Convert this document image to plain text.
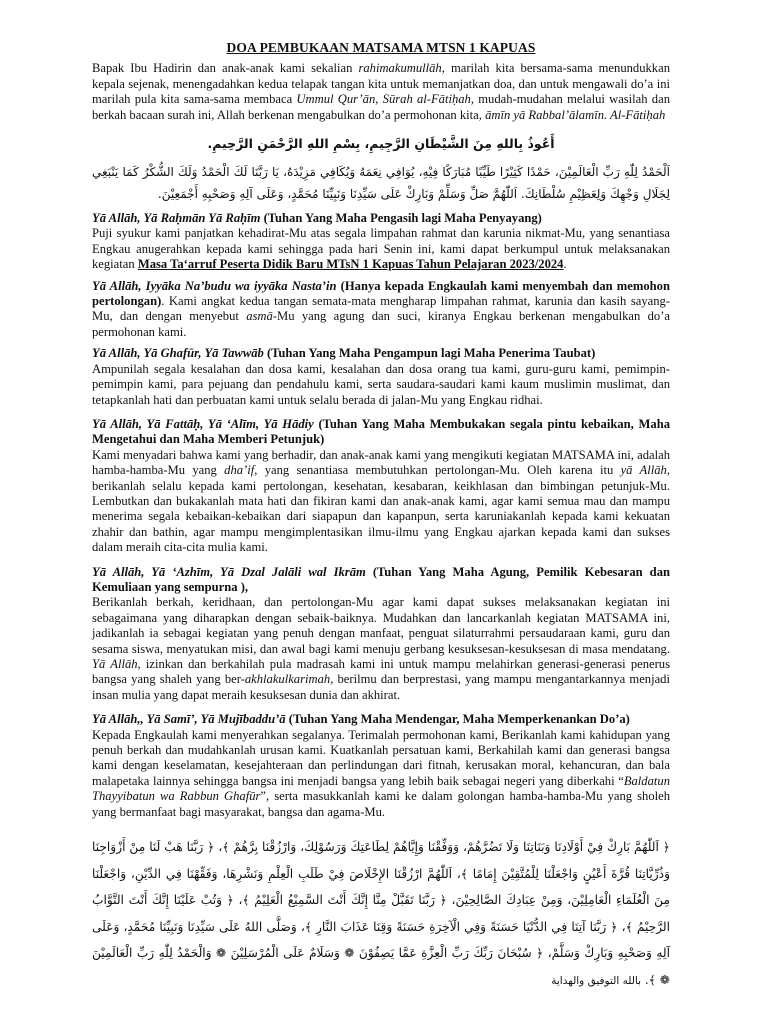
DOA PEMBUKAAN MATSAMA MTSN 1 KAPUAS

Bapak Ibu Hadirin dan anak-anak kami sekalian rahimakumullāh, marilah kita bersama-sama menundukkan kepala sejenak, menengadahkan kedua telapak tangan kita untuk memanjatkan doa, dan untuk mengawali do’a ini marilah pula kita sama-sama membaca Ummul Qur’ān, Sūrah al-Fātiḥah, mudah-mudahan melalui wasilah dan berkah bacaan surah ini, Allah berkenan mengabulkan do’a permohonan kita, āmīn yā Rabbal’ālamīn. Al-Fātiḥah

أَعُوذُ بِاللهِ مِنَ الشَّيْطَانِ الرَّجِيمِ، بِسْمِ اللهِ الرَّحْمَنِ الرَّحِيمِ.
اَلْحَمْدُ لِلّٰهِ رَبِّ الْعَالَمِيْنَ، حَمْدًا كَثِيْرًا طَيِّبًا مُبَارَكًا فِيْهِ، يُوَافِي نِعَمَهُ وَيُكَافِي مَزِيْدَهُ، يَا رَبَّنَا لَكَ الْحَمْدُ وَلَكَ الشُّكْرُ كَمَا يَنْبَغِي لِجَلَالِ وَجْهِكَ وَلِعَظِيْمِ سُلْطَانِكَ. اَللّٰهُمَّ صَلِّ وَسَلِّمْ وَبَارِكْ عَلَى سَيِّدِنَا وَنَبِيِّنَا مُحَمَّدٍ، وَعَلَى آلِهِ وَصَحْبِهِ أَجْمَعِيْنَ.
Yā Allāh, Yā Raḥmān Yā Raḥīm (Tuhan Yang Maha Pengasih lagi Maha Penyayang)

Puji syukur kami panjatkan kehadirat-Mu atas segala limpahan rahmat dan karunia nikmat-Mu, yang senantiasa Engkau anugerahkan kepada kami sehingga pada hari Senin ini, kami dapat berkumpul untuk melaksanakan kegiatan Masa Ta‘arruf Peserta Didik Baru MTsN 1 Kapuas Tahun Pelajaran 2023/2024.

Yā Allāh, Iyyāka Na’budu wa iyyāka Nasta’in (Hanya kepada Engkaulah kami menyembah dan memohon pertolongan). Kami angkat kedua tangan semata-mata mengharap limpahan rahmat, karunia dan kasih sayang-Mu, dan dengan menyebut asmā-Mu yang agung dan suci, kiranya Engkau berkenan mengabulkan do’a permohonan kami.

Yā Allāh, Yā Ghafūr, Yā Tawwāb (Tuhan Yang Maha Pengampun lagi Maha Penerima Taubat)

Ampunilah segala kesalahan dan dosa kami, kesalahan dan dosa orang tua kami, guru-guru kami, pemimpin-pemimpin kami, para pejuang dan pendahulu kami, serta saudara-saudari kami kaum muslimin muslimat, dan tetapkanlah hati dan perbuatan kami untuk selalu berada di jalan-Mu yang Engkau ridhai.

Yā Allāh, Yā Fattāḥ, Yā ‘Alīm, Yā Hādiy (Tuhan Yang Maha Membukakan segala pintu kebaikan, Maha Mengetahui dan Maha Memberi Petunjuk)

Kami menyadari bahwa kami yang berhadir, dan anak-anak kami yang mengikuti kegiatan MATSAMA ini, adalah hamba-hamba-Mu yang dha’if, yang senantiasa membutuhkan pertolongan-Mu. Oleh karena itu yā Allāh, berikanlah selalu kepada kami pertolongan, kesehatan, kesabaran, keikhlasan dan bimbingan petunjuk-Mu. Lembutkan dan bukakanlah mata hati dan fikiran kami dan anak-anak kami, agar kami semua mau dan mampu menerima segala kebaikan-kebaikan dari siapapun dan kapanpun, serta karuniakanlah kepada kami kekuatan zhahir dan bathin, agar mampu mengimplentasikan ilmu-ilmu yang Engkau ajarkan kepada kami dan sukses dalam meraih cita-cita mulia kami.

Yā Allāh, Yā ‘Azhīm, Yā Dzal Jalāli wal Ikrām (Tuhan Yang Maha Agung, Pemilik Kebesaran dan Kemuliaan yang sempurna ),

Berikanlah berkah, keridhaan, dan pertolongan-Mu agar kami dapat sukses melaksanakan kegiatan ini sebagaimana yang diharapkan dengan sebaik-baiknya. Mudahkan dan lancarkanlah kegiatan MATSAMA ini, jadikanlah ia sebagai kegiatan yang penuh dengan manfaat, penguat silaturrahmi persaudaraan kami, guru dan sesama siswa, menyatukan misi, dan awal bagi kami menuju gerbang kesuksesan-kesuksesan di masa mendatang. Yā Allāh, izinkan dan berkahilah pula madrasah kami ini untuk mampu melahirkan generasi-generasi penerus bangsa yang shaleh yang ber-akhlakulkarimah, berilmu dan berprestasi, yang mampu mengantarkannya menjadi insan mulia yang dapat meraih kesuksesan dunia dan akhirat.

Yā Allāh,, Yā Samī’, Yā Mujībaddu’ā (Tuhan Yang Maha Mendengar, Maha Memperkenankan Do’a)

Kepada Engkaulah kami menyerahkan segalanya. Terimalah permohonan kami, Berikanlah kami kahidupan yang penuh berkah dan mudahkanlah urusan kami. Kuatkanlah persatuan kami, Berkahilah kami dan generasi bangsa kami dengan keselamatan, kesejahteraan dan perlindungan dari fitnah, kerusakan moral, kehancuran, dan bala malapetaka lainnya sehingga bangsa ini menjadi bangsa yang lebih baik sebagai negeri yang diberkahi “Baldatun Thayyibatun wa Rabbun Ghafūr”, serta masukkanlah kami ke dalam golongan hamba-hamba-Mu yang sholeh yang bermanfaat bagi masyarakat, bangsa dan agama-Mu.

﴿ اَللّٰهُمَّ بَارِكْ فِيْ أَوْلَادِنَا وَبَنَاتِنَا وَلَا تَضُرَّهُمْ، وَوَفِّقْنَا وَإِيَّاهُمْ لِطَاعَتِكَ وَرَسُوْلِكَ، وَارْزُقْنَا بِرَّهُمْ ﴾، ﴿ رَبَّنَا هَبْ لَنَا مِنْ أَزْوَاجِنَا وَذُرِّيَّاتِنَا قُرَّةَ أَعْيُنٍ وَاجْعَلْنَا لِلْمُتَّقِيْنَ إِمَامًا ﴾، اَللّٰهُمَّ ارْزُقْنَا الإِخْلَاصَ فِيْ طَلَبِ الْعِلْمِ وَنَشْرِهَا، وَفَقِّهْنَا فِي الدِّيْنِ، وَاجْعَلْنَا مِنَ الْعُلَمَاءِ الْعَامِلِيْنَ، وَمِنْ عِبَادِكَ الصَّالِحِيْنَ، ﴿ رَبَّنَا تَقَبَّلْ مِنَّا إِنَّكَ أَنْتَ السَّمِيْعُ الْعَلِيْمُ ﴾، ﴿ وَتُبْ عَلَيْنَا إِنَّكَ أَنْتَ التَّوَّابُ الرَّحِيْمُ ﴾، ﴿ رَبَّنَا آتِنَا فِي الدُّنْيَا حَسَنَةً وَفِي الْآخِرَةِ حَسَنَةً وَقِنَا عَذَابَ النَّارِ ﴾، وَصَلَّى اللهُ عَلَى سَيِّدِنَا وَنَبِيِّنَا مُحَمَّدٍ، وَعَلَى آلِهِ وَصَحْبِهِ وَبَارِكْ وَسَلَّمْ، ﴿ سُبْحَانَ رَبِّكَ رَبِّ الْعِزَّةِ عَمَّا يَصِفُوْنَ ❁ وَسَلَامٌ عَلَى الْمُرْسَلِيْنَ ❁ وَالْحَمْدُ لِلّٰهِ رَبِّ الْعَالَمِيْنَ ❁ ﴾. بالله التوفيق والهداية
